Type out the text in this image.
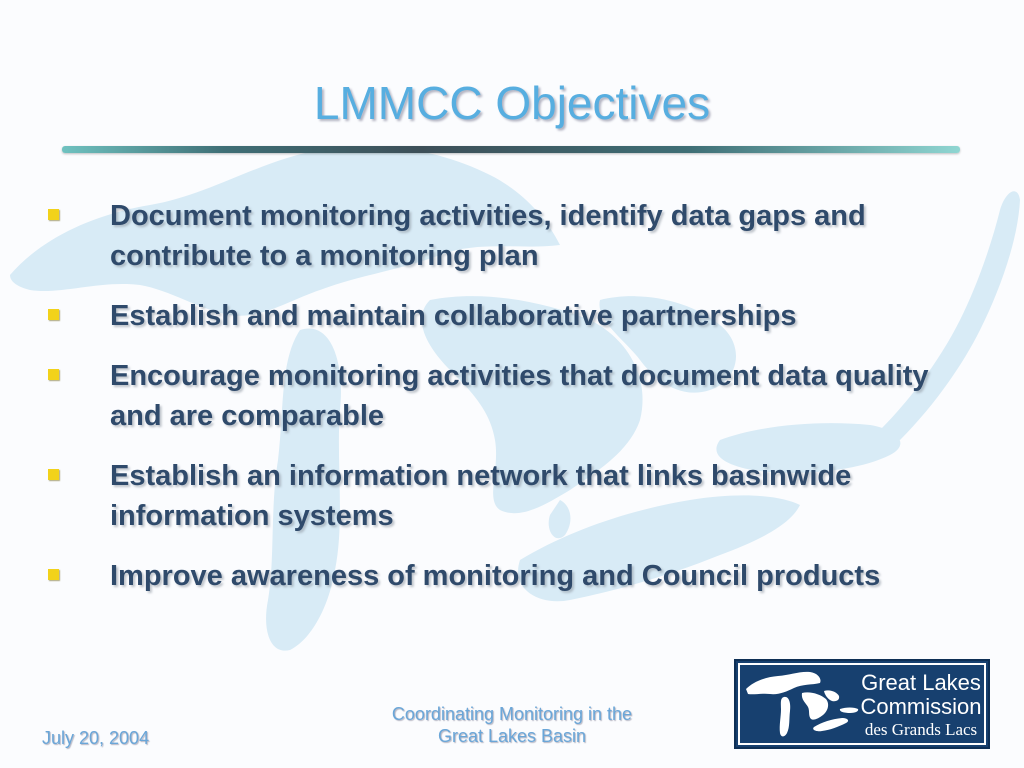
LMMCC Objectives
Document monitoring activities, identify data gaps and contribute to a monitoring plan
Establish and maintain collaborative partnerships
Encourage monitoring activities that document data quality and are comparable
Establish an information network that links basinwide information systems
Improve awareness of monitoring and Council products
July 20, 2004
Coordinating Monitoring in the
Great Lakes Basin
Great Lakes
Commission
des Grands Lacs
